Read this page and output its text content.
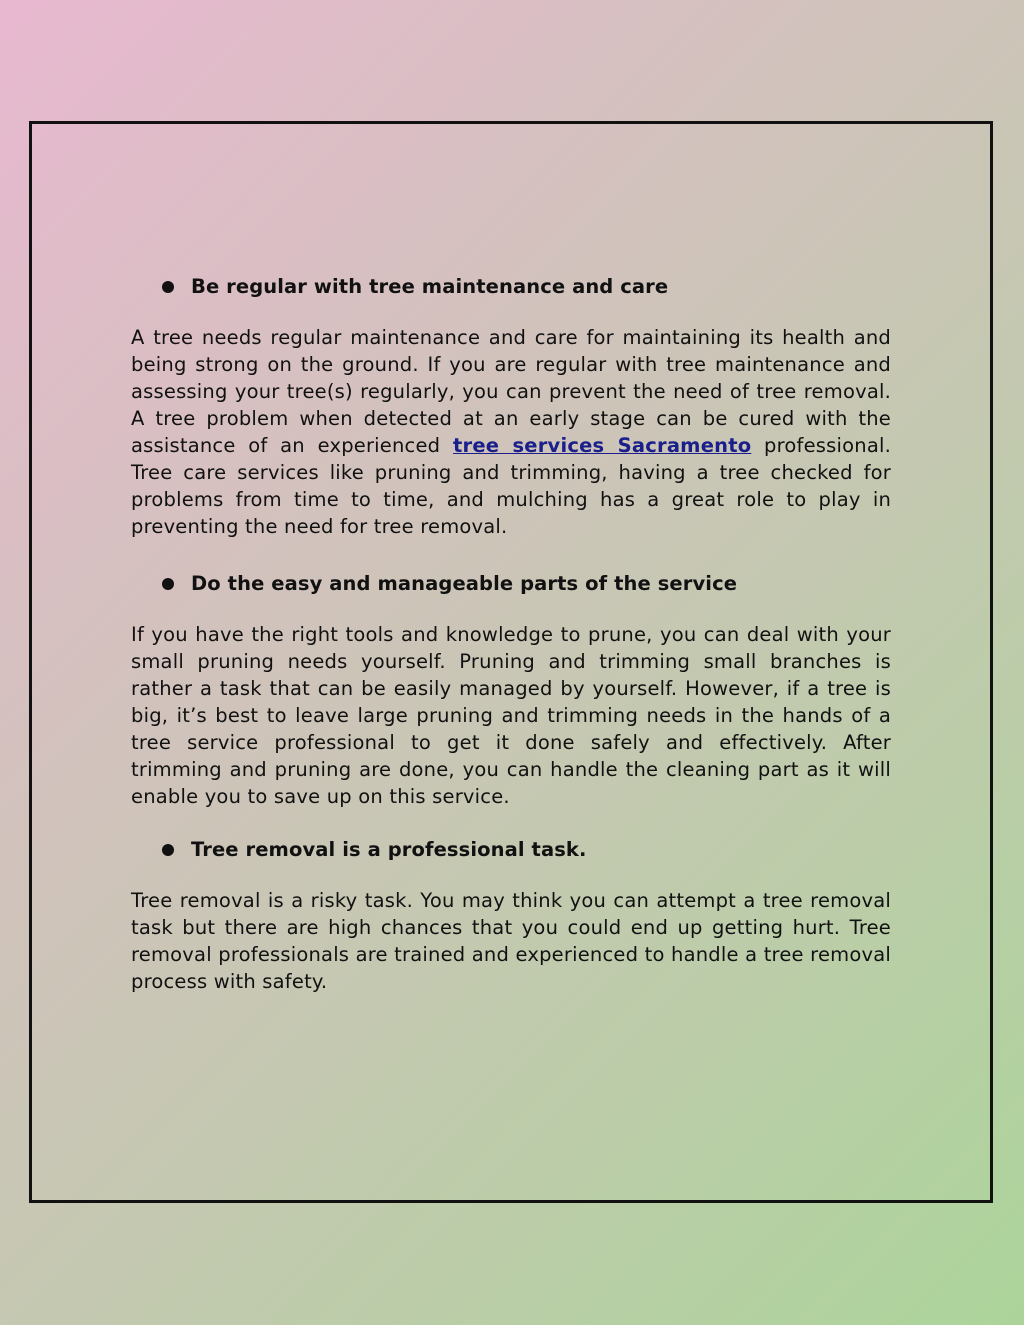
Be regular with tree maintenance and care

A tree needs regular maintenance and care for maintaining its health and being strong on the ground. If you are regular with tree maintenance and assessing your tree(s) regularly, you can prevent the need of tree removal. A tree problem when detected at an early stage can be cured with the assistance of an experienced tree services Sacramento professional. Tree care services like pruning and trimming, having a tree checked for problems from time to time, and mulching has a great role to play in preventing the need for tree removal.

Do the easy and manageable parts of the service

If you have the right tools and knowledge to prune, you can deal with your small pruning needs yourself. Pruning and trimming small branches is rather a task that can be easily managed by yourself. However, if a tree is big, it’s best to leave large pruning and trimming needs in the hands of a tree service professional to get it done safely and effectively. After trimming and pruning are done, you can handle the cleaning part as it will enable you to save up on this service.

Tree removal is a professional task.

Tree removal is a risky task. You may think you can attempt a tree removal task but there are high chances that you could end up getting hurt. Tree removal professionals are trained and experienced to handle a tree removal process with safety.
